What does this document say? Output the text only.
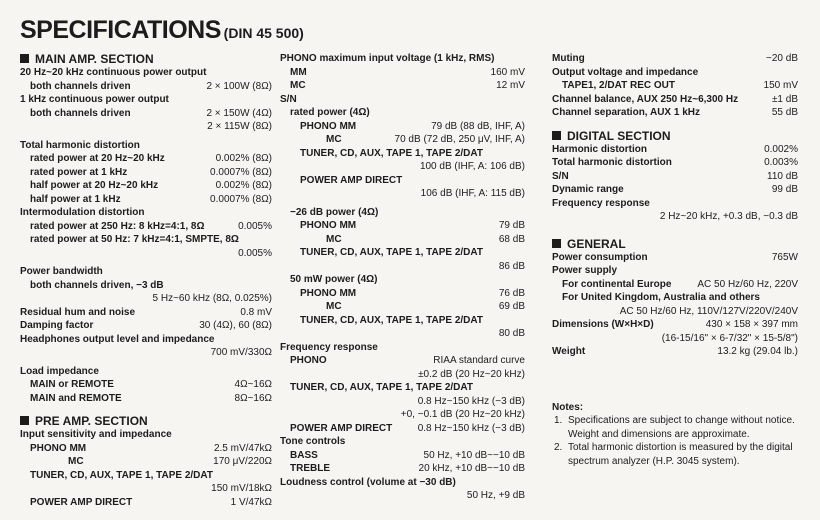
SPECIFICATIONS (DIN 45 500)
MAIN AMP. SECTION
20 Hz~20 kHz continuous power output
both channels driven	2 × 100W (8Ω)
1 kHz continuous power output
both channels driven	2 × 150W (4Ω)
2 × 115W (8Ω)
Total harmonic distortion
rated power at 20 Hz~20 kHz	0.002% (8Ω)
rated power at 1 kHz	0.0007% (8Ω)
half power at 20 Hz~20 kHz	0.002% (8Ω)
half power at 1 kHz	0.0007% (8Ω)
Intermodulation distortion
rated power at 250 Hz: 8 kHz=4:1, 8Ω	0.005%
rated power at 50 Hz: 7 kHz=4:1, SMPTE, 8Ω
0.005%
Power bandwidth
both channels driven, −3 dB
5 Hz~60 kHz (8Ω, 0.025%)
Residual hum and noise	0.8 mV
Damping factor	30 (4Ω), 60 (8Ω)
Headphones output level and impedance
700 mV/330Ω
Load impedance
MAIN or REMOTE	4Ω~16Ω
MAIN and REMOTE	8Ω~16Ω
PRE AMP. SECTION
Input sensitivity and impedance
PHONO MM	2.5 mV/47kΩ
MC	170 μV/220Ω
TUNER, CD, AUX, TAPE 1, TAPE 2/DAT
150 mV/18kΩ
POWER AMP DIRECT	1 V/47kΩ
PHONO maximum input voltage (1 kHz, RMS)
MM	160 mV
MC	12 mV
S/N
rated power (4Ω)
PHONO MM	79 dB (88 dB, IHF, A)
MC	70 dB (72 dB, 250 μV, IHF, A)
TUNER, CD, AUX, TAPE 1, TAPE 2/DAT
100 dB (IHF, A: 106 dB)
POWER AMP DIRECT
106 dB (IHF, A: 115 dB)
−26 dB power (4Ω)
PHONO MM	79 dB
MC	68 dB
TUNER, CD, AUX, TAPE 1, TAPE 2/DAT
86 dB
50 mW power (4Ω)
PHONO MM	76 dB
MC	69 dB
TUNER, CD, AUX, TAPE 1, TAPE 2/DAT
80 dB
Frequency response
PHONO	RIAA standard curve
±0.2 dB (20 Hz~20 kHz)
TUNER, CD, AUX, TAPE 1, TAPE 2/DAT
0.8 Hz~150 kHz (−3 dB)
+0, −0.1 dB (20 Hz~20 kHz)
POWER AMP DIRECT	0.8 Hz~150 kHz (−3 dB)
Tone controls
BASS	50 Hz, +10 dB~−10 dB
TREBLE	20 kHz, +10 dB~−10 dB
Loudness control (volume at −30 dB)
50 Hz, +9 dB
Muting	−20 dB
Output voltage and impedance
TAPE1, 2/DAT REC OUT	150 mV
Channel balance, AUX 250 Hz~6,300 Hz	±1 dB
Channel separation, AUX 1 kHz	55 dB
DIGITAL SECTION
Harmonic distortion	0.002%
Total harmonic distortion	0.003%
S/N	110 dB
Dynamic range	99 dB
Frequency response
2 Hz~20 kHz, +0.3 dB, −0.3 dB
GENERAL
Power consumption	765W
Power supply
For continental Europe	AC 50 Hz/60 Hz, 220V
For United Kingdom, Australia and others
AC 50 Hz/60 Hz, 110V/127V/220V/240V
Dimensions (W×H×D)	430 × 158 × 397 mm
(16-15/16" × 6-7/32" × 15-5/8")
Weight	13.2 kg (29.04 lb.)
Notes:
1. Specifications are subject to change without notice.
Weight and dimensions are approximate.
2. Total harmonic distortion is measured by the digital spectrum analyzer (H.P. 3045 system).
